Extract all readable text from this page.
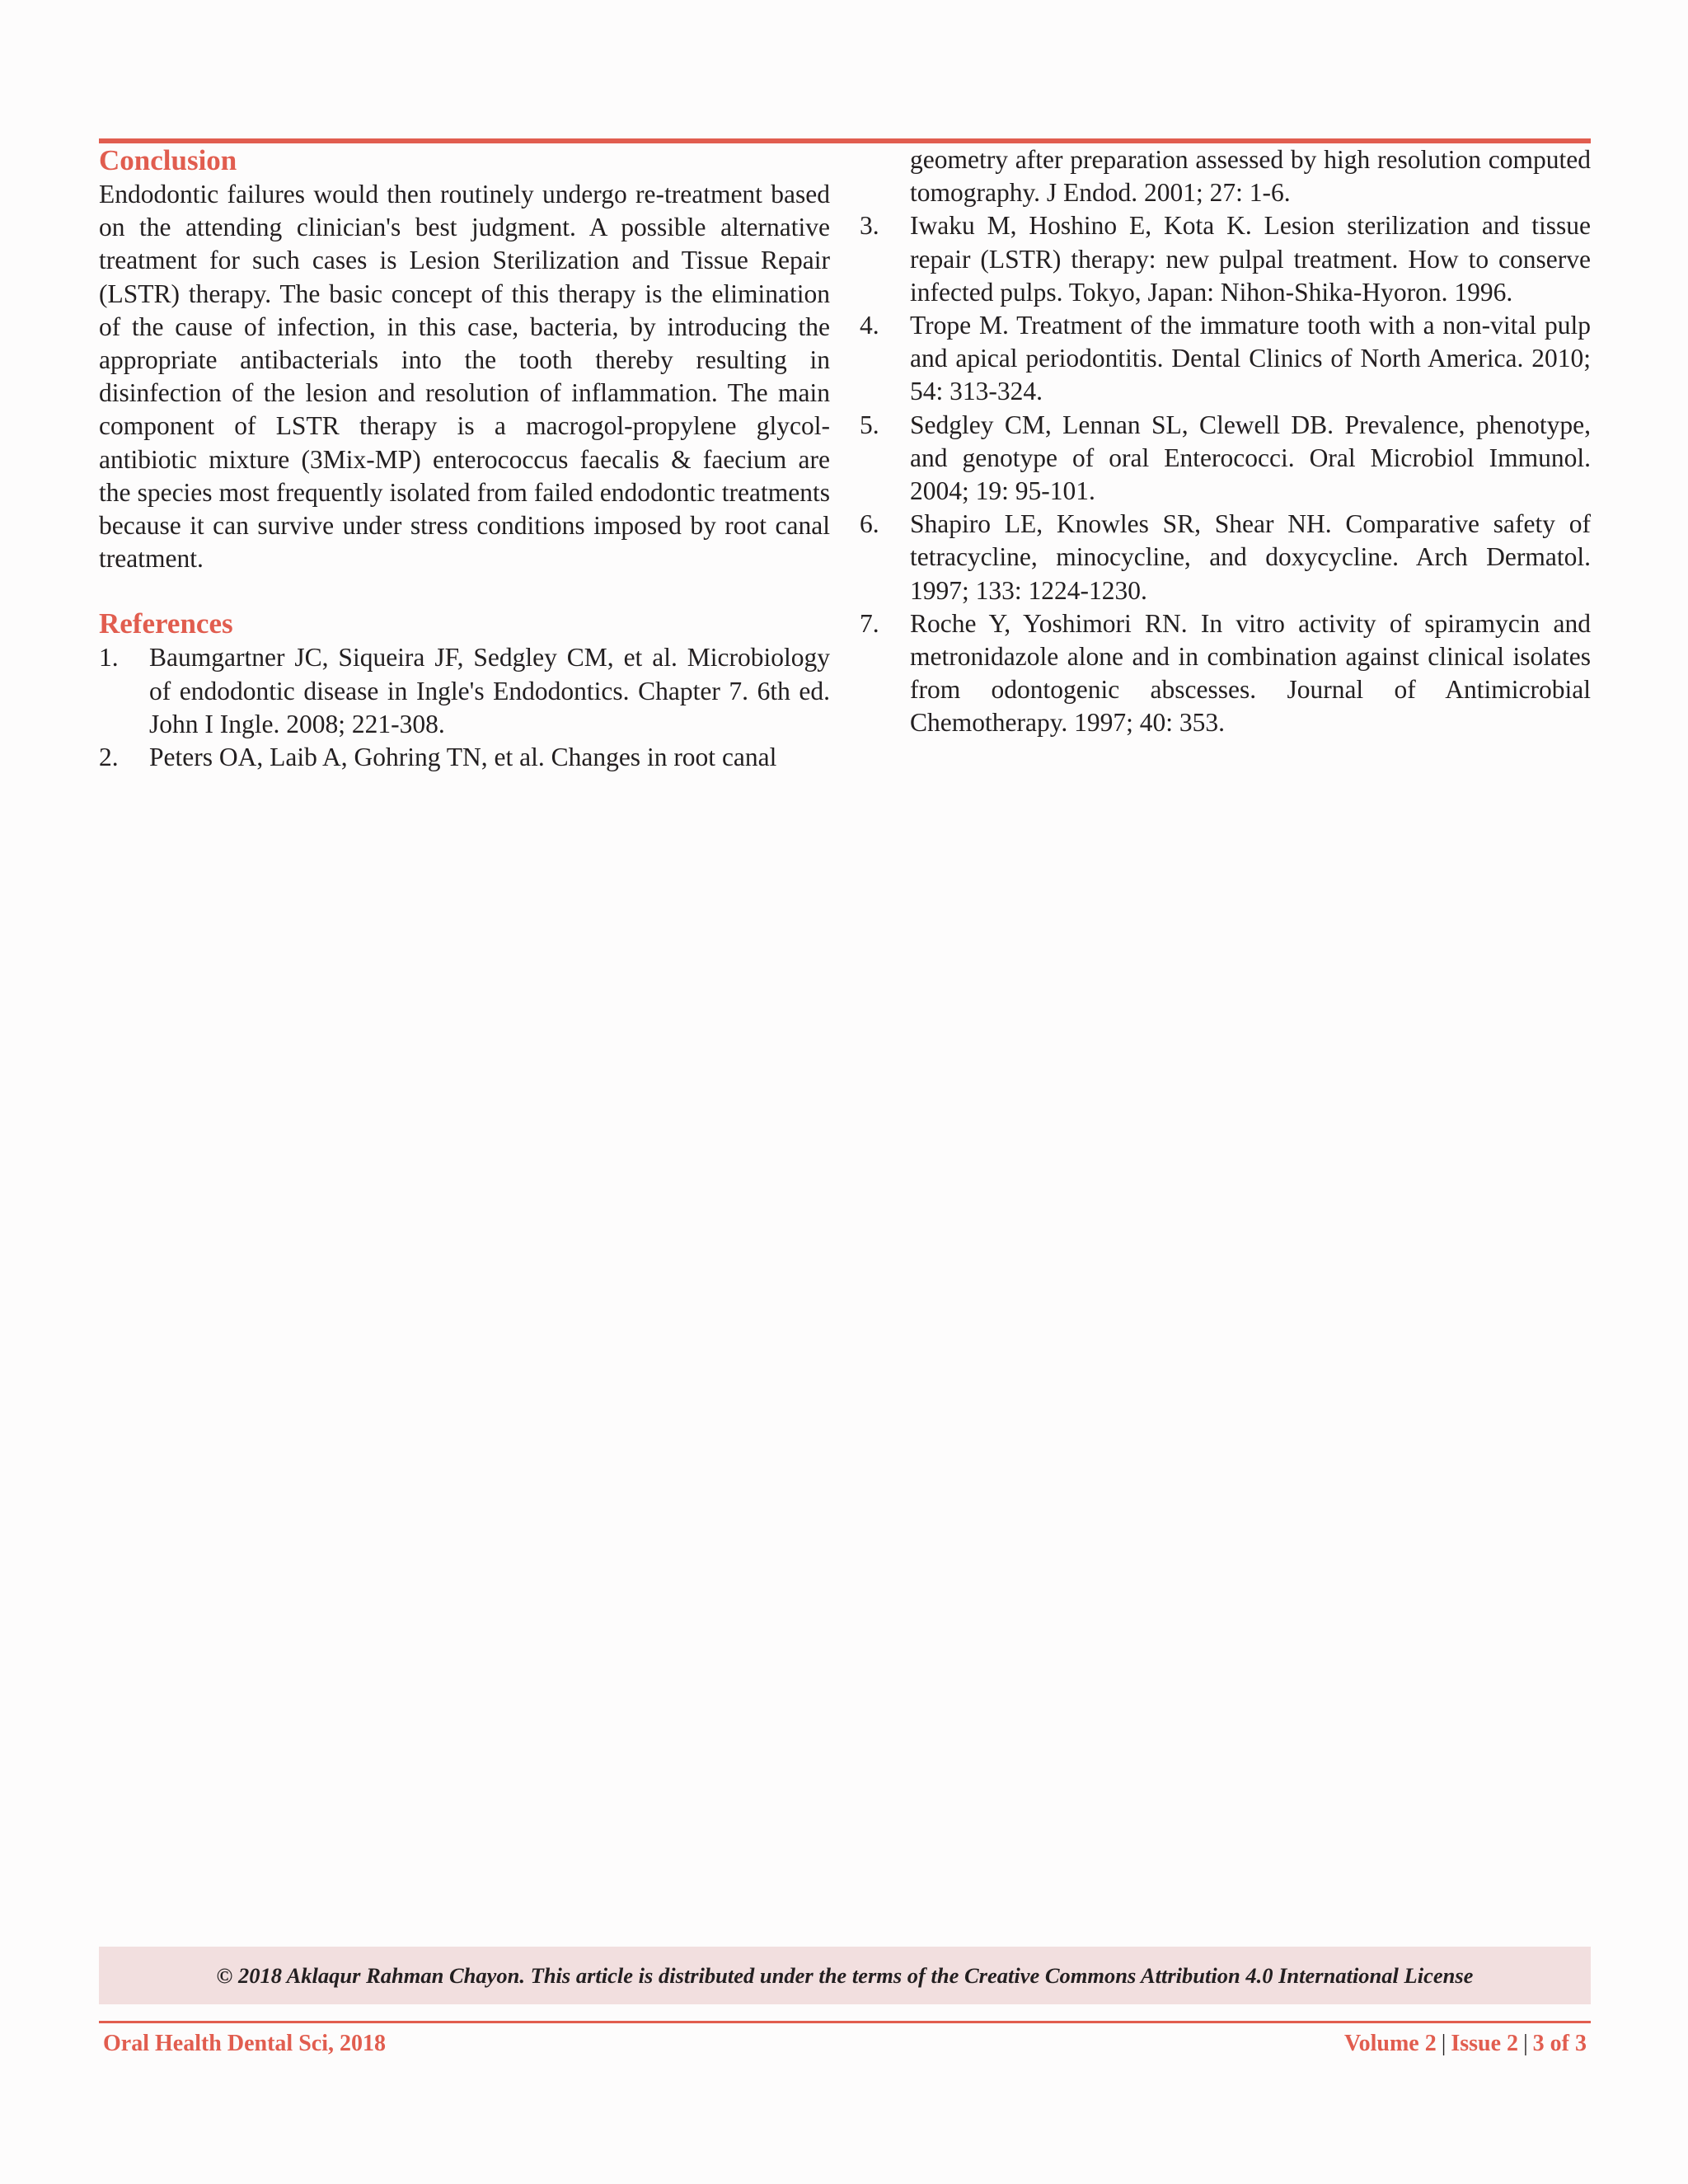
Conclusion

Endodontic failures would then routinely undergo re-treatment based on the attending clinician's best judgment. A possible alternative treatment for such cases is Lesion Sterilization and Tissue Repair (LSTR) therapy. The basic concept of this therapy is the elimination of the cause of infection, in this case, bacteria, by introducing the appropriate antibacterials into the tooth thereby resulting in disinfection of the lesion and resolution of inflammation. The main component of LSTR therapy is a macrogol-propylene glycol-antibiotic mixture (3Mix-MP) enterococcus faecalis & faecium are the species most frequently isolated from failed endodontic treatments because it can survive under stress conditions imposed by root canal treatment.

References
1.	Baumgartner JC, Siqueira JF, Sedgley CM, et al. Microbiology of endodontic disease in Ingle's Endodontics. Chapter 7. 6th ed. John I Ingle. 2008; 221-308.
2.	Peters OA, Laib A, Gohring TN, et al. Changes in root canal

geometry after preparation assessed by high resolution computed tomography. J Endod. 2001; 27: 1-6.

3.	Iwaku M, Hoshino E, Kota K. Lesion sterilization and tissue repair (LSTR) therapy: new pulpal treatment. How to conserve infected pulps. Tokyo, Japan: Nihon-Shika-Hyoron. 1996.
4.	Trope M. Treatment of the immature tooth with a non-vital pulp and apical periodontitis. Dental Clinics of North America. 2010; 54: 313-324.
5.	Sedgley CM, Lennan SL, Clewell DB. Prevalence, phenotype, and genotype of oral Enterococci. Oral Microbiol Immunol. 2004; 19: 95-101.
6.	Shapiro LE, Knowles SR, Shear NH. Comparative safety of tetracycline, minocycline, and doxycycline. Arch Dermatol. 1997; 133: 1224-1230.
7.	Roche Y, Yoshimori RN. In vitro activity of spiramycin and metronidazole alone and in combination against clinical isolates from odontogenic abscesses. Journal of Antimicrobial Chemotherapy. 1997; 40: 353.
© 2018 Aklaqur Rahman Chayon. This article is distributed under the terms of the Creative Commons Attribution 4.0 International License
Oral Health Dental Sci, 2018	Volume 2 | Issue 2 | 3 of 3
